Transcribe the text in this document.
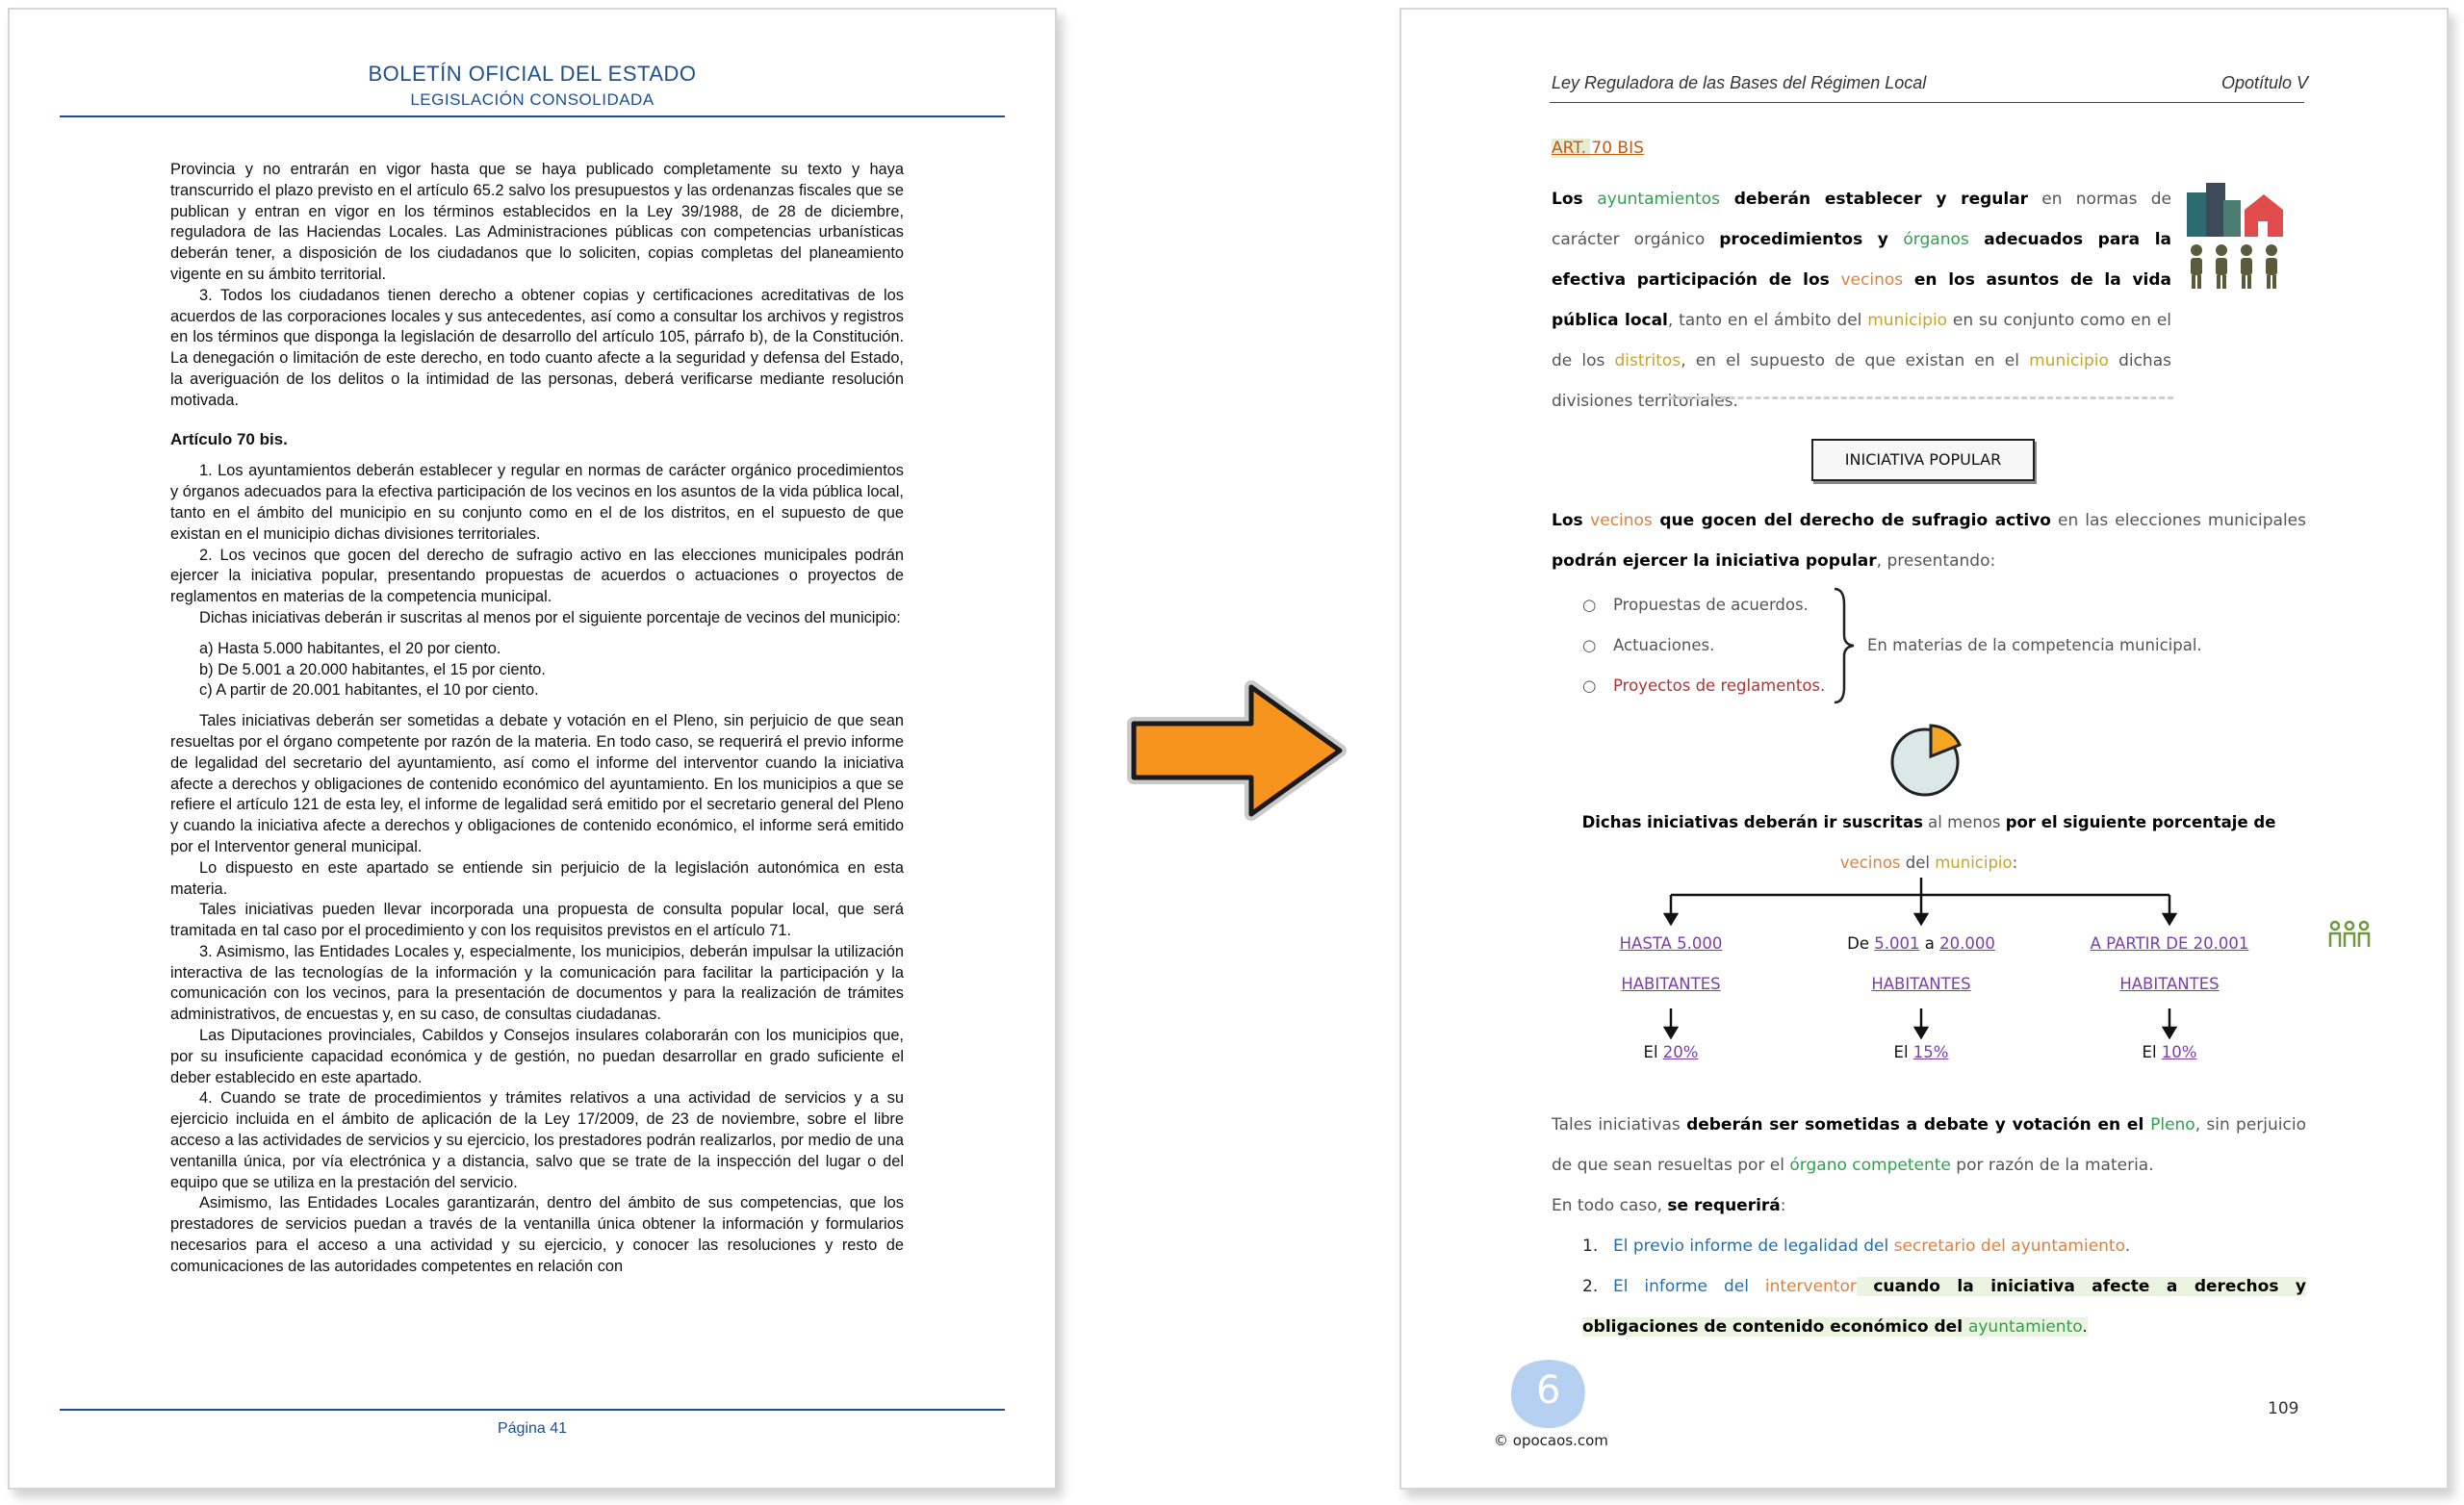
BOLETÍN OFICIAL DEL ESTADO
LEGISLACIÓN CONSOLIDADA

Provincia y no entrarán en vigor hasta que se haya publicado completamente su texto y haya transcurrido el plazo previsto en el artículo 65.2 salvo los presupuestos y las ordenanzas fiscales que se publican y entran en vigor en los términos establecidos en la Ley 39/1988, de 28 de diciembre, reguladora de las Haciendas Locales. Las Administraciones públicas con competencias urbanísticas deberán tener, a disposición de los ciudadanos que lo soliciten, copias completas del planeamiento vigente en su ámbito territorial.

3. Todos los ciudadanos tienen derecho a obtener copias y certificaciones acreditativas de los acuerdos de las corporaciones locales y sus antecedentes, así como a consultar los archivos y registros en los términos que disponga la legislación de desarrollo del artículo 105, párrafo b), de la Constitución. La denegación o limitación de este derecho, en todo cuanto afecte a la seguridad y defensa del Estado, la averiguación de los delitos o la intimidad de las personas, deberá verificarse mediante resolución motivada.

Artículo 70 bis.

1. Los ayuntamientos deberán establecer y regular en normas de carácter orgánico procedimientos y órganos adecuados para la efectiva participación de los vecinos en los asuntos de la vida pública local, tanto en el ámbito del municipio en su conjunto como en el de los distritos, en el supuesto de que existan en el municipio dichas divisiones territoriales.

2. Los vecinos que gocen del derecho de sufragio activo en las elecciones municipales podrán ejercer la iniciativa popular, presentando propuestas de acuerdos o actuaciones o proyectos de reglamentos en materias de la competencia municipal.

Dichas iniciativas deberán ir suscritas al menos por el siguiente porcentaje de vecinos del municipio:

a) Hasta 5.000 habitantes, el 20 por ciento.

b) De 5.001 a 20.000 habitantes, el 15 por ciento.

c) A partir de 20.001 habitantes, el 10 por ciento.

Tales iniciativas deberán ser sometidas a debate y votación en el Pleno, sin perjuicio de que sean resueltas por el órgano competente por razón de la materia. En todo caso, se requerirá el previo informe de legalidad del secretario del ayuntamiento, así como el informe del interventor cuando la iniciativa afecte a derechos y obligaciones de contenido económico del ayuntamiento. En los municipios a que se refiere el artículo 121 de esta ley, el informe de legalidad será emitido por el secretario general del Pleno y cuando la iniciativa afecte a derechos y obligaciones de contenido económico, el informe será emitido por el Interventor general municipal.

Lo dispuesto en este apartado se entiende sin perjuicio de la legislación autonómica en esta materia.

Tales iniciativas pueden llevar incorporada una propuesta de consulta popular local, que será tramitada en tal caso por el procedimiento y con los requisitos previstos en el artículo 71.

3. Asimismo, las Entidades Locales y, especialmente, los municipios, deberán impulsar la utilización interactiva de las tecnologías de la información y la comunicación para facilitar la participación y la comunicación con los vecinos, para la presentación de documentos y para la realización de trámites administrativos, de encuestas y, en su caso, de consultas ciudadanas.

Las Diputaciones provinciales, Cabildos y Consejos insulares colaborarán con los municipios que, por su insuficiente capacidad económica y de gestión, no puedan desarrollar en grado suficiente el deber establecido en este apartado.

4. Cuando se trate de procedimientos y trámites relativos a una actividad de servicios y a su ejercicio incluida en el ámbito de aplicación de la Ley 17/2009, de 23 de noviembre, sobre el libre acceso a las actividades de servicios y su ejercicio, los prestadores podrán realizarlos, por medio de una ventanilla única, por vía electrónica y a distancia, salvo que se trate de la inspección del lugar o del equipo que se utiliza en la prestación del servicio.

Asimismo, las Entidades Locales garantizarán, dentro del ámbito de sus competencias, que los prestadores de servicios puedan a través de la ventanilla única obtener la información y formularios necesarios para el acceso a una actividad y su ejercicio, y conocer las resoluciones y resto de comunicaciones de las autoridades competentes en relación con

Página 41
Ley Reguladora de las Bases del Régimen Local	Opotítulo V
ART. 70 BIS
Los ayuntamientos deberán establecer y regular en normas de carácter orgánico procedimientos y órganos adecuados para la efectiva participación de los vecinos en los asuntos de la vida pública local, tanto en el ámbito del municipio en su conjunto como en el de los distritos, en el supuesto de que existan en el municipio dichas divisiones territoriales.
INICIATIVA POPULAR
Los vecinos que gocen del derecho de sufragio activo en las elecciones municipales podrán ejercer la iniciativa popular, presentando:
○ Propuestas de acuerdos.
○ Actuaciones.
○ Proyectos de reglamentos.
En materias de la competencia municipal.
Dichas iniciativas deberán ir suscritas al menos por el siguiente porcentaje de
vecinos del municipio:
HASTA 5.000
HABITANTES
El 20%
De 5.001 a 20.000
HABITANTES
El 15%
A PARTIR DE 20.001
HABITANTES
El 10%
Tales iniciativas deberán ser sometidas a debate y votación en el Pleno, sin perjuicio de que sean resueltas por el órgano competente por razón de la materia.
En todo caso, se requerirá:
1. El previo informe de legalidad del secretario del ayuntamiento.
2. El informe del interventor cuando la iniciativa afecte a derechos y obligaciones de contenido económico del ayuntamiento.
6
© opocaos.com
109
